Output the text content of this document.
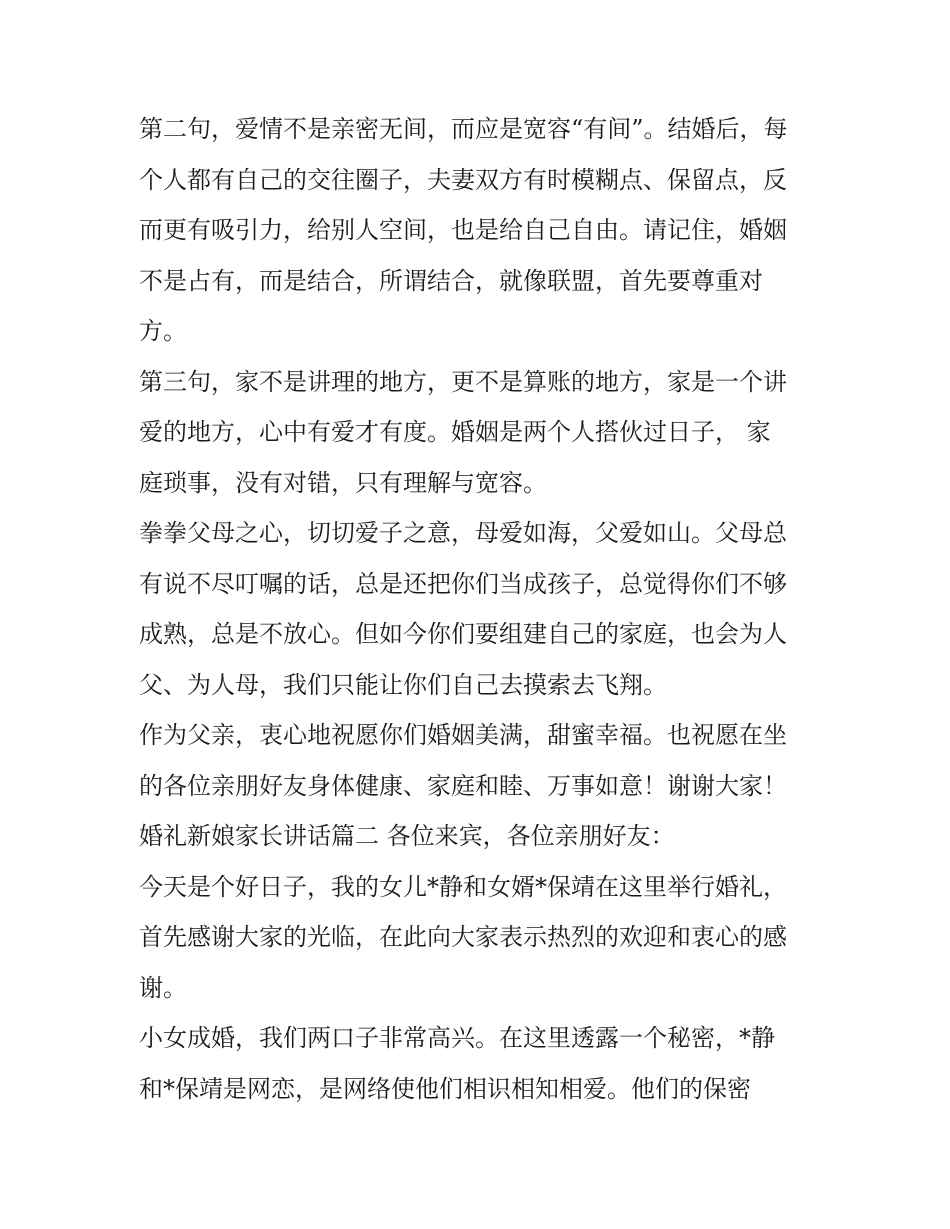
第二句，爱情不是亲密无间，而应是宽容“有间”。结婚后，每
个人都有自己的交往圈子，夫妻双方有时模糊点、保留点，反
而更有吸引力，给别人空间，也是给自己自由。请记住，婚姻
不是占有，而是结合，所谓结合，就像联盟，首先要尊重对
方。
第三句，家不是讲理的地方，更不是算账的地方，家是一个讲
爱的地方，心中有爱才有度。婚姻是两个人搭伙过日子， 家
庭琐事，没有对错，只有理解与宽容。
拳拳父母之心，切切爱子之意，母爱如海，父爱如山。父母总
有说不尽叮嘱的话，总是还把你们当成孩子，总觉得你们不够
成熟，总是不放心。但如今你们要组建自己的家庭，也会为人
父、为人母，我们只能让你们自己去摸索去飞翔。
作为父亲，衷心地祝愿你们婚姻美满，甜蜜幸福。也祝愿在坐
的各位亲朋好友身体健康、家庭和睦、万事如意！谢谢大家！
婚礼新娘家长讲话篇二 各位来宾，各位亲朋好友：
今天是个好日子，我的女儿*静和女婿*保靖在这里举行婚礼，
首先感谢大家的光临，在此向大家表示热烈的欢迎和衷心的感
谢。
小女成婚，我们两口子非常高兴。在这里透露一个秘密，*静
和*保靖是网恋，是网络使他们相识相知相爱。他们的保密
